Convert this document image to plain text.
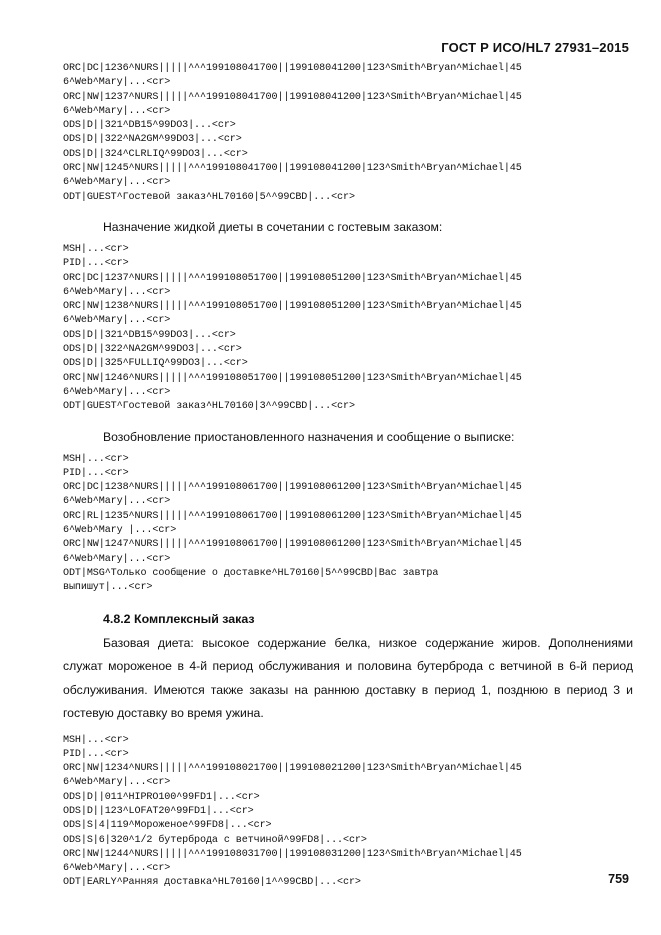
ГОСТ Р ИСО/HL7 27931–2015
ORC|DC|1236^NURS|||||^^^199108041700||199108041200|123^Smith^Bryan^Michael|45
6^Web^Mary|...<cr>
ORC|NW|1237^NURS|||||^^^199108041700||199108041200|123^Smith^Bryan^Michael|45
6^Web^Mary|...<cr>
ODS|D||321^DB15^99DO3|...<cr>
ODS|D||322^NA2GM^99DO3|...<cr>
ODS|D||324^CLRLIQ^99DO3|...<cr>
ORC|NW|1245^NURS|||||^^^199108041700||199108041200|123^Smith^Bryan^Michael|45
6^Web^Mary|...<cr>
ODT|GUEST^Гостевой заказ^HL70160|5^^99CBD|...<cr>
Назначение жидкой диеты в сочетании с гостевым заказом:
MSH|...<cr>
PID|...<cr>
ORC|DC|1237^NURS|||||^^^199108051700||199108051200|123^Smith^Bryan^Michael|45
6^Web^Mary|...<cr>
ORC|NW|1238^NURS|||||^^^199108051700||199108051200|123^Smith^Bryan^Michael|45
6^Web^Mary|...<cr>
ODS|D||321^DB15^99DO3|...<cr>
ODS|D||322^NA2GM^99DO3|...<cr>
ODS|D||325^FULLIQ^99DO3|...<cr>
ORC|NW|1246^NURS|||||^^^199108051700||199108051200|123^Smith^Bryan^Michael|45
6^Web^Mary|...<cr>
ODT|GUEST^Гостевой заказ^HL70160|3^^99CBD|...<cr>
Возобновление приостановленного назначения и сообщение о выписке:
MSH|...<cr>
PID|...<cr>
ORC|DC|1238^NURS|||||^^^199108061700||199108061200|123^Smith^Bryan^Michael|45
6^Web^Mary|...<cr>
ORC|RL|1235^NURS|||||^^^199108061700||199108061200|123^Smith^Bryan^Michael|45
6^Web^Mary |...<cr>
ORC|NW|1247^NURS|||||^^^199108061700||199108061200|123^Smith^Bryan^Michael|45
6^Web^Mary|...<cr>
ODT|MSG^Только сообщение о доставке^HL70160|5^^99CBD|Вас завтра
выпишут|...<cr>
4.8.2 Комплексный заказ

Базовая диета: высокое содержание белка, низкое содержание жиров. Дополнениями служат мороженое в 4-й период обслуживания и половина бутерброда с ветчиной в 6-й период обслуживания. Имеются также заказы на раннюю доставку в период 1, позднюю в период 3 и гостевую доставку во время ужина.

MSH|...<cr>
PID|...<cr>
ORC|NW|1234^NURS|||||^^^199108021700||199108021200|123^Smith^Bryan^Michael|45
6^Web^Mary|...<cr>
ODS|D||011^HIPRO100^99FD1|...<cr>
ODS|D||123^LOFAT20^99FD1|...<cr>
ODS|S|4|119^Мороженое^99FD8|...<cr>
ODS|S|6|320^1/2 бутерброда с ветчиной^99FD8|...<cr>
ORC|NW|1244^NURS|||||^^^199108031700||199108031200|123^Smith^Bryan^Michael|45
6^Web^Mary|...<cr>
ODT|EARLY^Ранняя доставка^HL70160|1^^99CBD|...<cr>	759
